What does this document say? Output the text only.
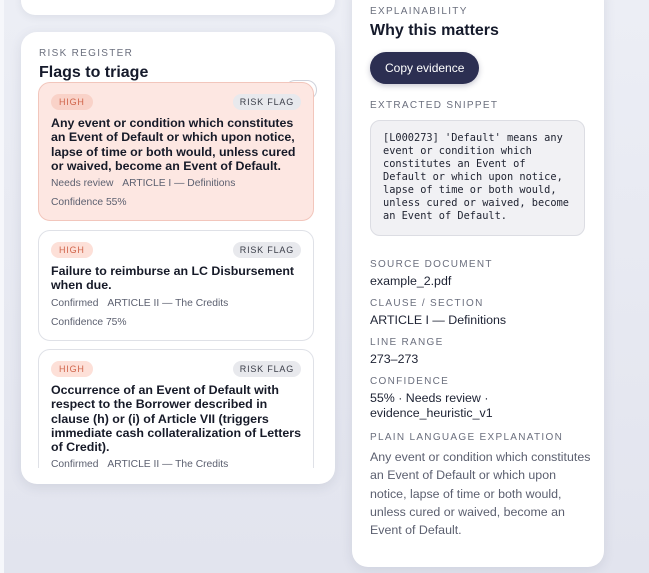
RISK REGISTER
Flags to triage
HIGH	RISK FLAG
Any event or condition which constitutes an Event of Default or which upon notice, lapse of time or both would, unless cured or waived, become an Event of Default.
Needs review ARTICLE I — Definitions
Confidence 55%
HIGH	RISK FLAG
Failure to reimburse an LC Disbursement when due.
Confirmed ARTICLE II — The Credits
Confidence 75%
HIGH	RISK FLAG
Occurrence of an Event of Default with respect to the Borrower described in clause (h) or (i) of Article VII (triggers immediate cash collateralization of Letters of Credit).
Confirmed ARTICLE II — The Credits
EXPLAINABILITY
Why this matters
Copy evidence
EXTRACTED SNIPPET
[L000273] 'Default' means any event or condition which constitutes an Event of Default or which upon notice, lapse of time or both would, unless cured or waived, become an Event of Default.
SOURCE DOCUMENT
example_2.pdf
CLAUSE / SECTION
ARTICLE I — Definitions
LINE RANGE
273–273
CONFIDENCE
55% · Needs review · evidence_heuristic_v1
PLAIN LANGUAGE EXPLANATION
Any event or condition which constitutes an Event of Default or which upon notice, lapse of time or both would, unless cured or waived, become an Event of Default.
